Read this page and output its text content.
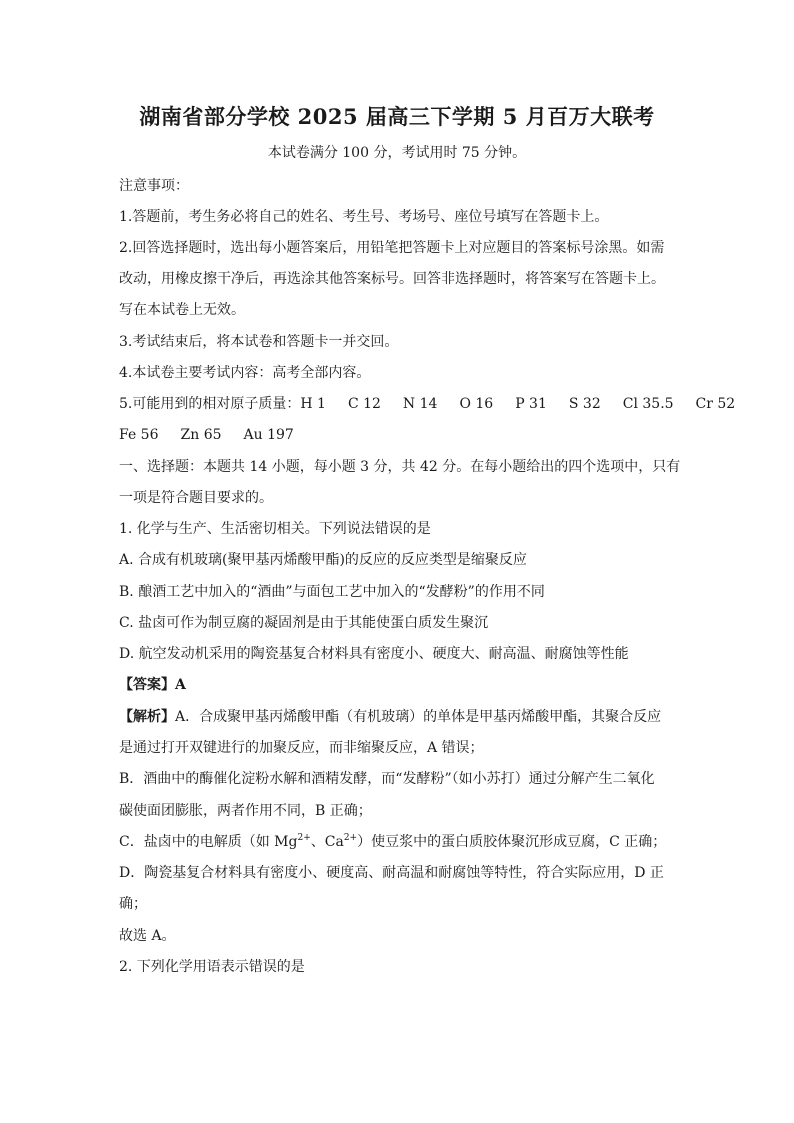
湖南省部分学校 2025 届高三下学期 5 月百万大联考
本试卷满分 100 分，考试用时 75 分钟。
注意事项：
1.答题前，考生务必将自己的姓名、考生号、考场号、座位号填写在答题卡上。
2.回答选择题时，选出每小题答案后，用铅笔把答题卡上对应题目的答案标号涂黑。如需
改动，用橡皮擦干净后，再选涂其他答案标号。回答非选择题时，将答案写在答题卡上。
写在本试卷上无效。
3.考试结束后，将本试卷和答题卡一并交回。
4.本试卷主要考试内容：高考全部内容。
5.可能用到的相对原子质量：H 1 C 12 N 14 O 16 P 31 S 32 Cl 35.5 Cr 52
Fe 56 Zn 65 Au 197
一、选择题：本题共 14 小题，每小题 3 分，共 42 分。在每小题给出的四个选项中，只有
一项是符合题目要求的。
1. 化学与生产、生活密切相关。下列说法错误的是
A. 合成有机玻璃(聚甲基丙烯酸甲酯)的反应的反应类型是缩聚反应
B. 酿酒工艺中加入的“酒曲”与面包工艺中加入的“发酵粉”的作用不同
C. 盐卤可作为制豆腐的凝固剂是由于其能使蛋白质发生聚沉
D. 航空发动机采用的陶瓷基复合材料具有密度小、硬度大、耐高温、耐腐蚀等性能
【答案】A
【解析】A．合成聚甲基丙烯酸甲酯（有机玻璃）的单体是甲基丙烯酸甲酯，其聚合反应
是通过打开双键进行的加聚反应，而非缩聚反应，A 错误；
B．酒曲中的酶催化淀粉水解和酒精发酵，而“发酵粉”（如小苏打）通过分解产生二氧化
碳使面团膨胀，两者作用不同，B 正确；
C．盐卤中的电解质（如 $Mg^{2+}$、$Ca^{2+}$）使豆浆中的蛋白质胶体聚沉形成豆腐，C 正确；
D．陶瓷基复合材料具有密度小、硬度高、耐高温和耐腐蚀等特性，符合实际应用，D 正
确；
故选 A。
2. 下列化学用语表示错误的是
